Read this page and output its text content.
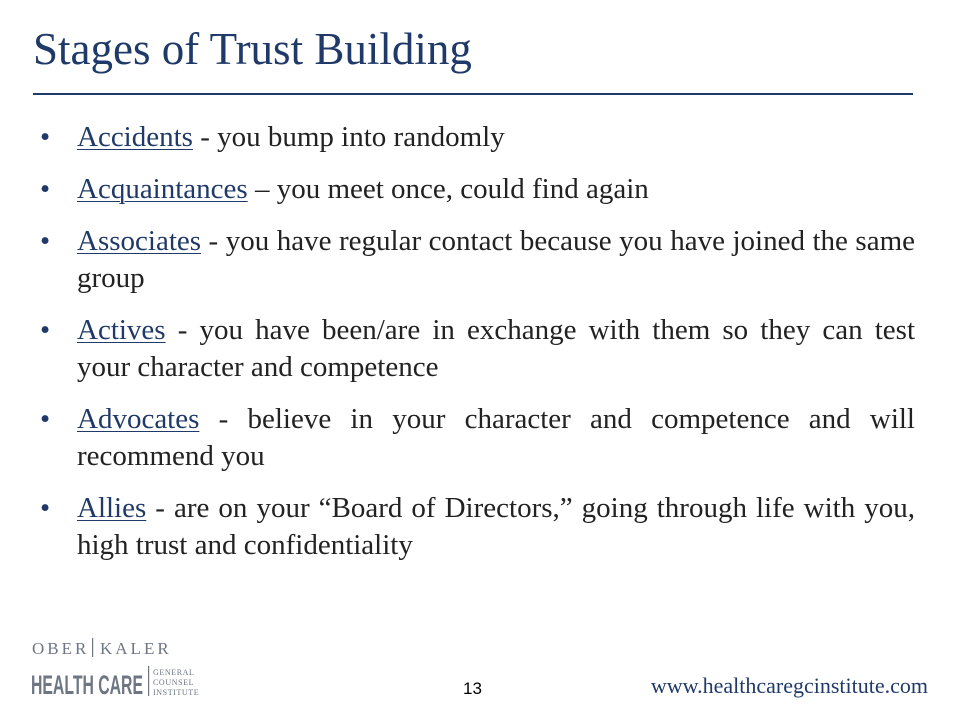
Stages of Trust Building
• Accidents - you bump into randomly
• Acquaintances – you meet once, could find again
• Associates - you have regular contact because you have joined the same group
• Actives - you have been/are in exchange with them so they can test your character and competence
• Advocates - believe in your character and competence and will recommend you
• Allies - are on your “Board of Directors,” going through life with you, high trust and confidentiality
OBER KALER
HEALTH CARE GENERAL
COUNSEL
INSTITUTE	13	www.healthcaregcinstitute.com
